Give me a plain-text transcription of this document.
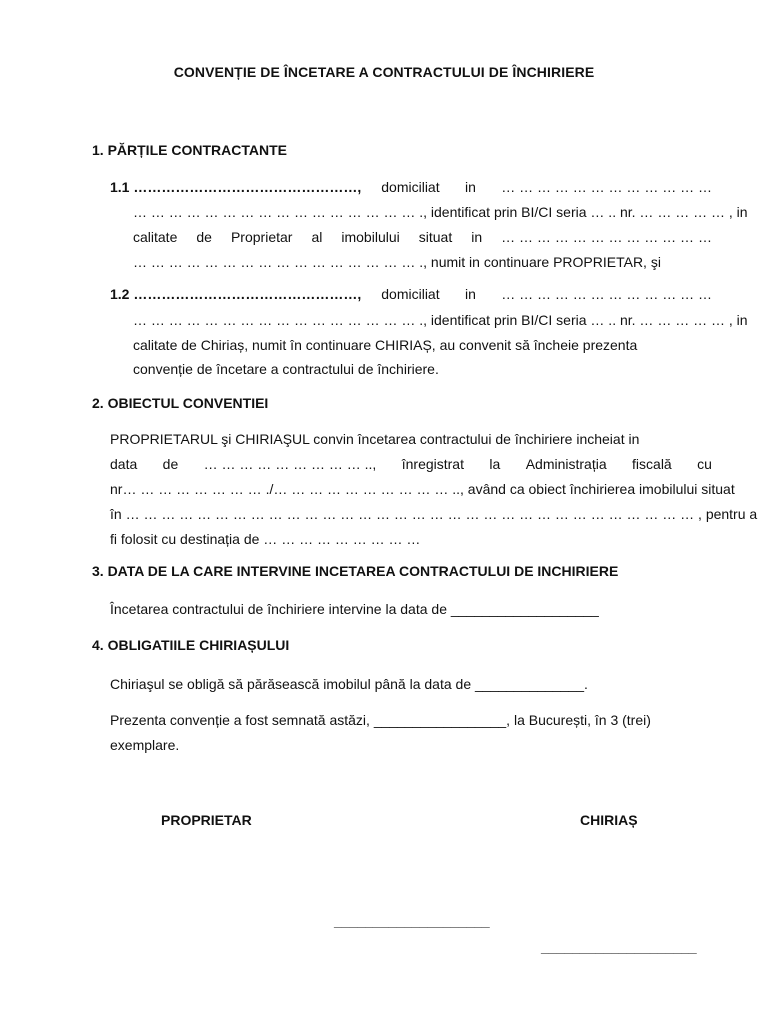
CONVENȚIE DE ÎNCETARE A CONTRACTULUI DE ÎNCHIRIERE
1. PĂRȚILE CONTRACTANTE
1.1 …………………………………………, domiciliat in … … … … … … … … … … … …
… … … … … … … … … … … … … … … … ., identificat prin BI/CI seria … .. nr. … … … … … , in
calitate de Proprietar al imobilului situat in … … … … … … … … … … … …
… … … … … … … … … … … … … … … … ., numit in continuare PROPRIETAR, şi
1.2 …………………………………………, domiciliat in … … … … … … … … … … … …
… … … … … … … … … … … … … … … … ., identificat prin BI/CI seria … .. nr. … … … … … , in
calitate de Chiriaș, numit în continuare CHIRIAȘ, au convenit să încheie prezenta
convenție de încetare a contractului de închiriere.
2. OBIECTUL CONVENTIEI
PROPRIETARUL şi CHIRIAŞUL convin încetarea contractului de închiriere incheiat in
data de … … … … … … … … … .., înregistrat la Administrația fiscală cu
nr… … … … … … … … ./… … … … … … … … … … .., având ca obiect închirierea imobilului situat
în … … … … … … … … … … … … … … … … … … … … … … … … … … … … … … … … , pentru a
fi folosit cu destinația de … … … … … … … … …
3. DATA DE LA CARE INTERVINE INCETAREA CONTRACTULUI DE INCHIRIERE
Încetarea contractului de închiriere intervine la data de ___________________
4. OBLIGATIILE CHIRIAȘULUI
Chiriaşul se obligă să părăsească imobilul până la data de ______________.
Prezenta convenție a fost semnată astăzi, _________________, la București, în 3 (trei)
exemplare.
PROPRIETAR	CHIRIAȘ
____________________
____________________
